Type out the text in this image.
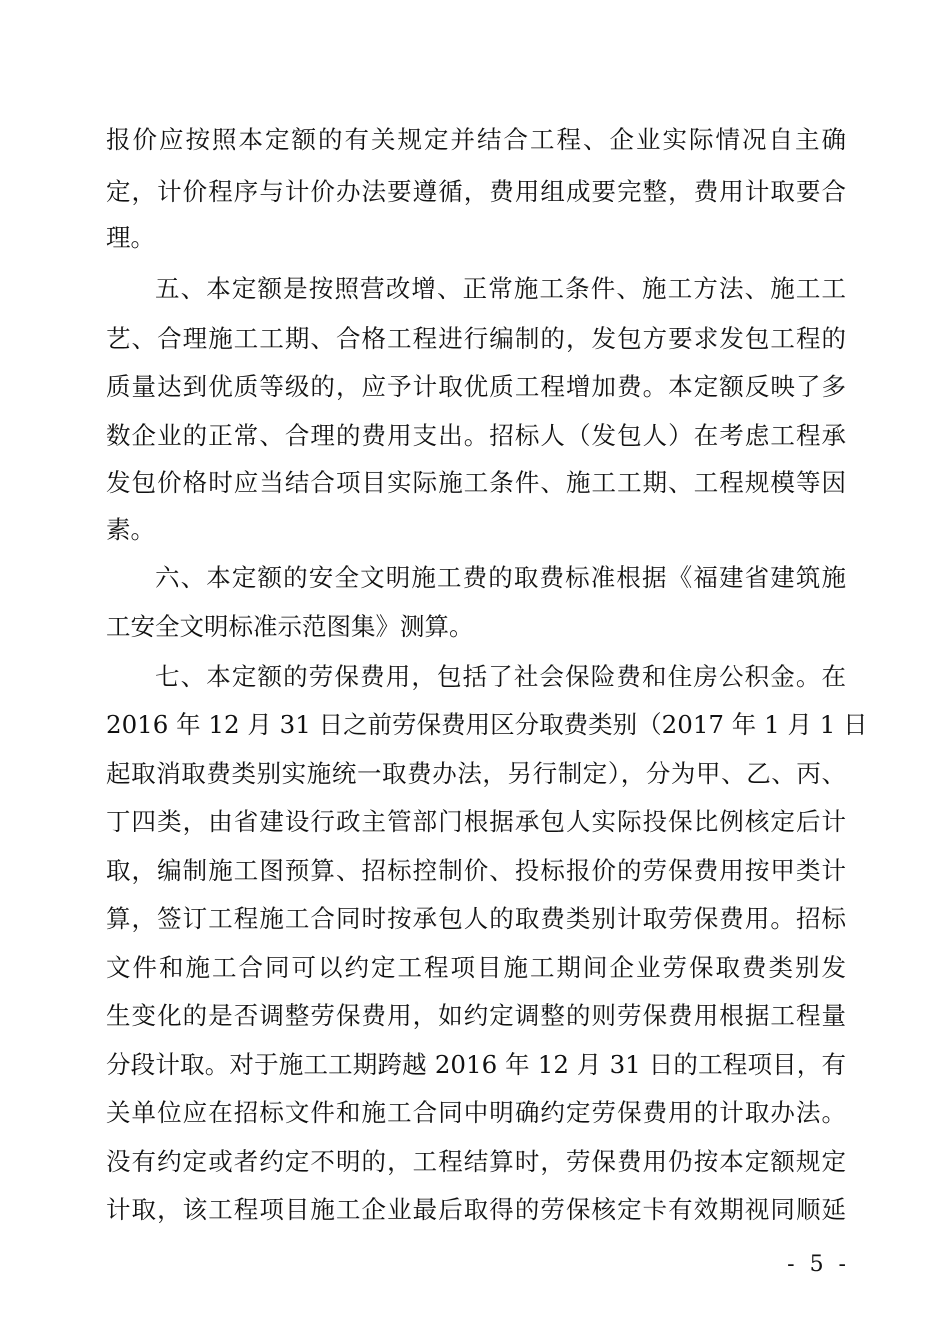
报价应按照本定额的有关规定并结合工程、企业实际情况自主确
定，计价程序与计价办法要遵循，费用组成要完整，费用计取要合
理。
五、本定额是按照营改增、正常施工条件、施工方法、施工工
艺、合理施工工期、合格工程进行编制的，发包方要求发包工程的
质量达到优质等级的，应予计取优质工程增加费。本定额反映了多
数企业的正常、合理的费用支出。招标人（发包人）在考虑工程承
发包价格时应当结合项目实际施工条件、施工工期、工程规模等因
素。
六、本定额的安全文明施工费的取费标准根据《福建省建筑施
工安全文明标准示范图集》测算。
七、本定额的劳保费用，包括了社会保险费和住房公积金。在
2016 年 12 月 31 日之前劳保费用区分取费类别（2017 年 1 月 1 日
起取消取费类别实施统一取费办法，另行制定），分为甲、乙、丙、
丁四类，由省建设行政主管部门根据承包人实际投保比例核定后计
取，编制施工图预算、招标控制价、投标报价的劳保费用按甲类计
算，签订工程施工合同时按承包人的取费类别计取劳保费用。招标
文件和施工合同可以约定工程项目施工期间企业劳保取费类别发
生变化的是否调整劳保费用，如约定调整的则劳保费用根据工程量
分段计取。对于施工工期跨越 2016 年 12 月 31 日的工程项目，有
关单位应在招标文件和施工合同中明确约定劳保费用的计取办法。
没有约定或者约定不明的，工程结算时，劳保费用仍按本定额规定
计取，该工程项目施工企业最后取得的劳保核定卡有效期视同顺延
- 5 -
